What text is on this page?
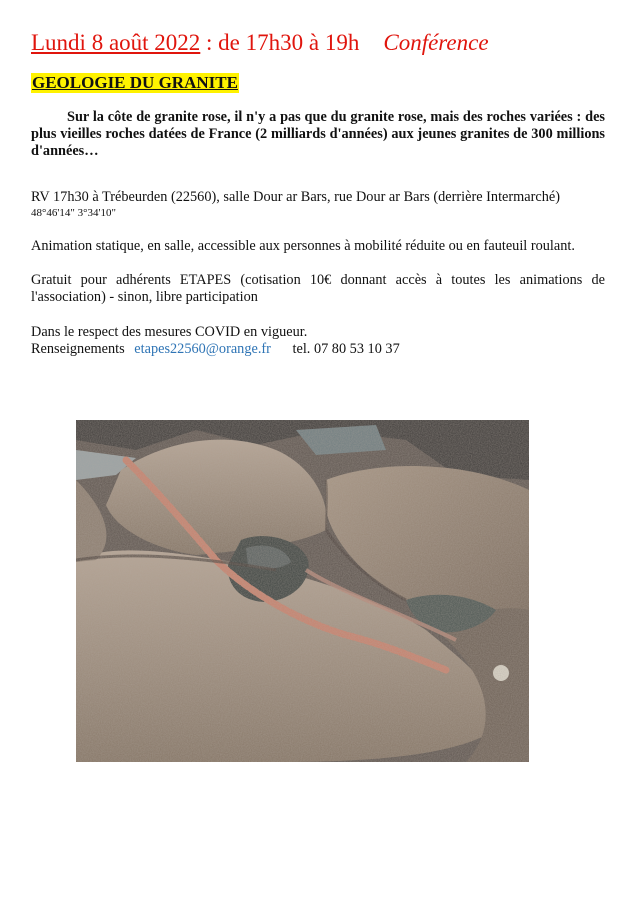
Lundi 8 août 2022 : de 17h30 à 19h Conférence
GEOLOGIE DU GRANITE
Sur la côte de granite rose, il n'y a pas que du granite rose, mais des roches variées : des plus vieilles roches datées de France (2 milliards d'années) aux jeunes granites de 300 millions d'années…
RV 17h30 à Trébeurden (22560), salle Dour ar Bars, rue Dour ar Bars (derrière Intermarché)
48°46'14" 3°34'10"
Animation statique, en salle, accessible aux personnes à mobilité réduite ou en fauteuil roulant.
Gratuit pour adhérents ETAPES (cotisation 10€ donnant accès à toutes les animations de l'association) - sinon, libre participation
Dans le respect des mesures COVID en vigueur.
Renseignements etapes22560@orange.fr tel. 07 80 53 10 37
